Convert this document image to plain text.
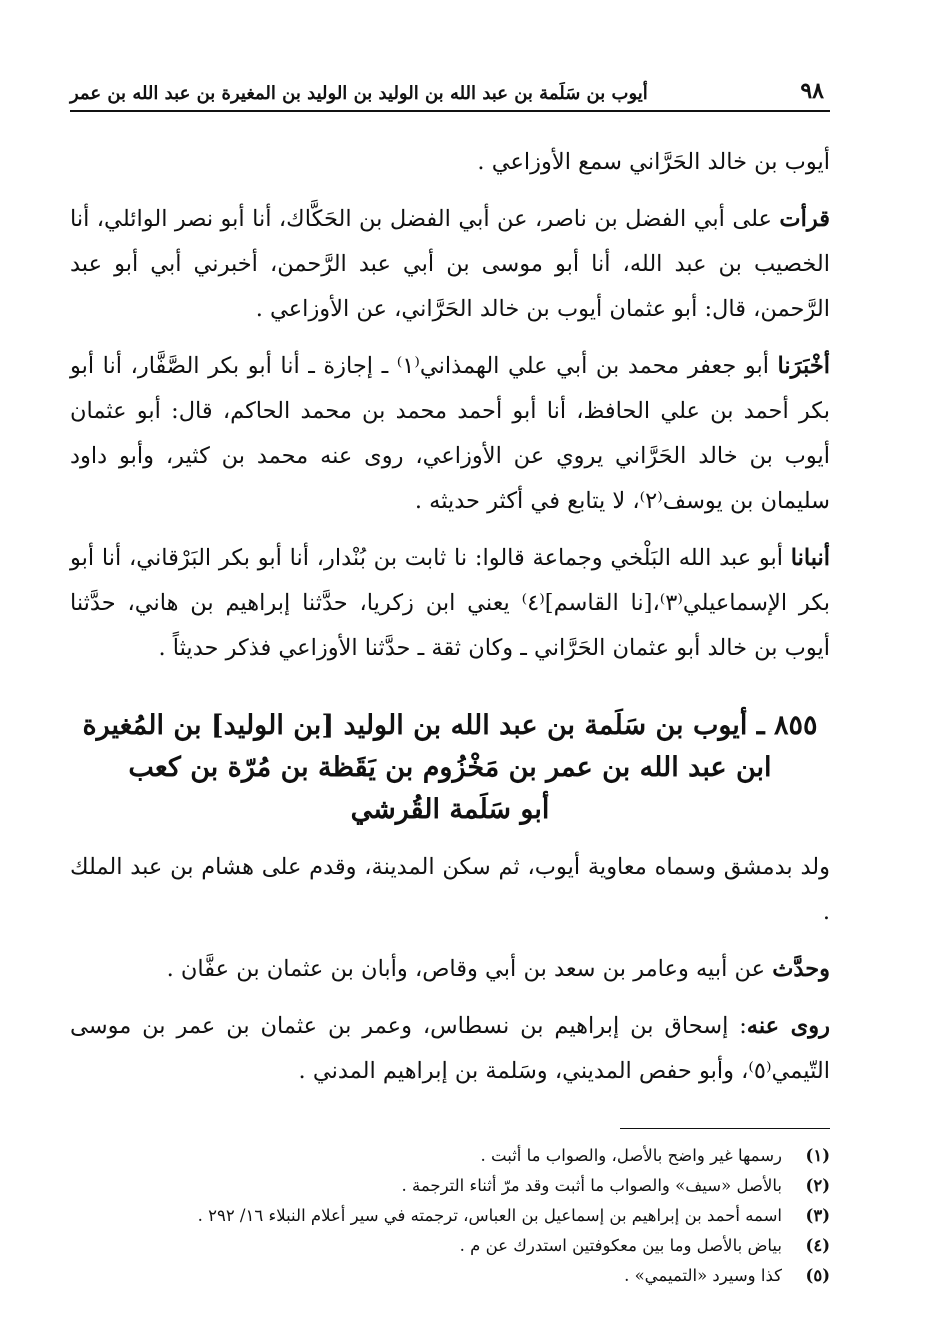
٩٨
أيوب بن سَلَمة بن عبد الله بن الوليد بن الوليد بن المغيرة بن عبد الله بن عمر

أيوب بن خالد الحَرَّاني سمع الأوزاعي .

قرأت على أبي الفضل بن ناصر، عن أبي الفضل بن الحَكَّاك، أنا أبو نصر الوائلي، أنا الخصيب بن عبد الله، أنا أبو موسى بن أبي عبد الرَّحمن، أخبرني أبي أبو عبد الرَّحمن، قال: أبو عثمان أيوب بن خالد الحَرَّاني، عن الأوزاعي .

أخْبَرَنا أبو جعفر محمد بن أبي علي الهمذاني⁽١⁾ ـ إجازة ـ أنا أبو بكر الصَّفَّار، أنا أبو بكر أحمد بن علي الحافظ، أنا أبو أحمد محمد بن محمد الحاكم، قال: أبو عثمان أيوب بن خالد الحَرَّاني يروي عن الأوزاعي، روى عنه محمد بن كثير، وأبو داود سليمان بن يوسف⁽٢⁾، لا يتابع في أكثر حديثه .

أنبانا أبو عبد الله البَلْخي وجماعة قالوا: نا ثابت بن بُنْدار، أنا أبو بكر البَرْقاني، أنا أبو بكر الإسماعيلي⁽٣⁾،[نا القاسم]⁽٤⁾ يعني ابن زكريا، حدَّثنا إبراهيم بن هاني، حدَّثنا أيوب بن خالد أبو عثمان الحَرَّاني ـ وكان ثقة ـ حدَّثنا الأوزاعي فذكر حديثاً .

٨٥٥ ـ أيوب بن سَلَمة بن عبد الله بن الوليد [بن الوليد] بن المُغيرة
ابن عبد الله بن عمر بن مَخْزُوم بن يَقَظة بن مُرّة بن كعب
أبو سَلَمة القُرشي

ولد بدمشق وسماه معاوية أيوب، ثم سكن المدينة، وقدم على هشام بن عبد الملك .

وحدَّث عن أبيه وعامر بن سعد بن أبي وقاص، وأبان بن عثمان بن عفَّان .

روى عنه: إسحاق بن إبراهيم بن نسطاس، وعمر بن عثمان بن عمر بن موسى التّيمي⁽٥⁾، وأبو حفص المديني، وسَلمة بن إبراهيم المدني .

(١)
رسمها غير واضح بالأصل، والصواب ما أثبت .
(٢)
بالأصل «سيف» والصواب ما أثبت وقد مرّ أثناء الترجمة .
(٣)
اسمه أحمد بن إبراهيم بن إسماعيل بن العباس، ترجمته في سير أعلام النبلاء ١٦/ ٢٩٢ .
(٤)
بياض بالأصل وما بين معكوفتين استدرك عن م .
(٥)
كذا وسيرد «التميمي» .
